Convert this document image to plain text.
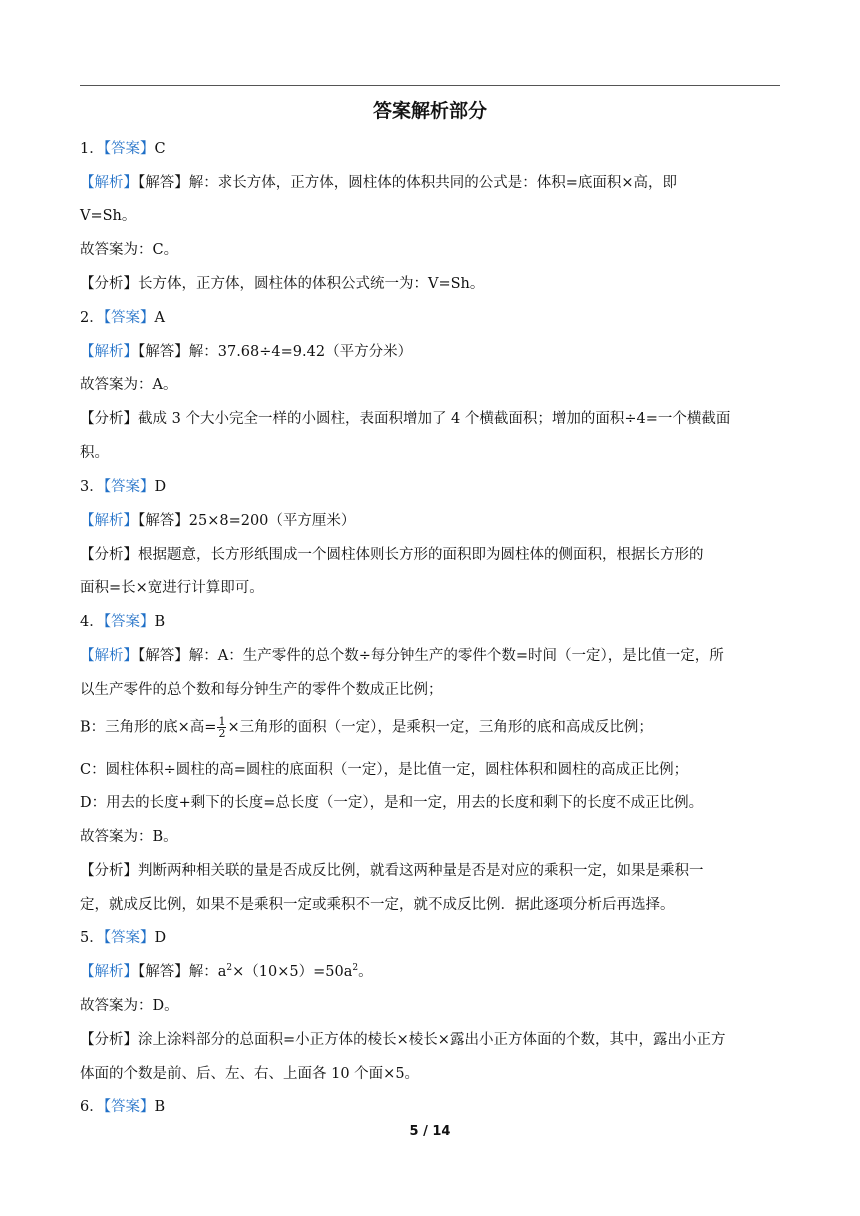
答案解析部分
1．【答案】C
【解析】【解答】解：求长方体，正方体，圆柱体的体积共同的公式是：体积=底面积×高，即
V=Sh。
故答案为：C。
【分析】长方体，正方体，圆柱体的体积公式统一为：V=Sh。
2．【答案】A
【解析】【解答】解：37.68÷4=9.42（平方分米）
故答案为：A。
【分析】截成 3 个大小完全一样的小圆柱，表面积增加了 4 个横截面积；增加的面积÷4=一个横截面
积。
3．【答案】D
【解析】【解答】25×8=200（平方厘米）
【分析】根据题意，长方形纸围成一个圆柱体则长方形的面积即为圆柱体的侧面积，根据长方形的
面积=长×宽进行计算即可。
4．【答案】B
【解析】【解答】解：A：生产零件的总个数÷每分钟生产的零件个数=时间（一定），是比值一定，所
以生产零件的总个数和每分钟生产的零件个数成正比例；
B：三角形的底×高= $\frac{1}{2}$ ×三角形的面积（一定），是乘积一定，三角形的底和高成反比例；
C：圆柱体积÷圆柱的高=圆柱的底面积（一定），是比值一定，圆柱体积和圆柱的高成正比例；
D：用去的长度+剩下的长度=总长度（一定），是和一定，用去的长度和剩下的长度不成正比例。
故答案为：B。
【分析】判断两种相关联的量是否成反比例，就看这两种量是否是对应的乘积一定，如果是乘积一
定，就成反比例，如果不是乘积一定或乘积不一定，就不成反比例．据此逐项分析后再选择。
5．【答案】D
【解析】【解答】解：$a^2\times(10\times 5)=50a^2$。
故答案为：D。
【分析】涂上涂料部分的总面积=小正方体的棱长×棱长×露出小正方体面的个数，其中，露出小正方
体面的个数是前、后、左、右、上面各 10 个面×5。
6．【答案】B
5 / 14
